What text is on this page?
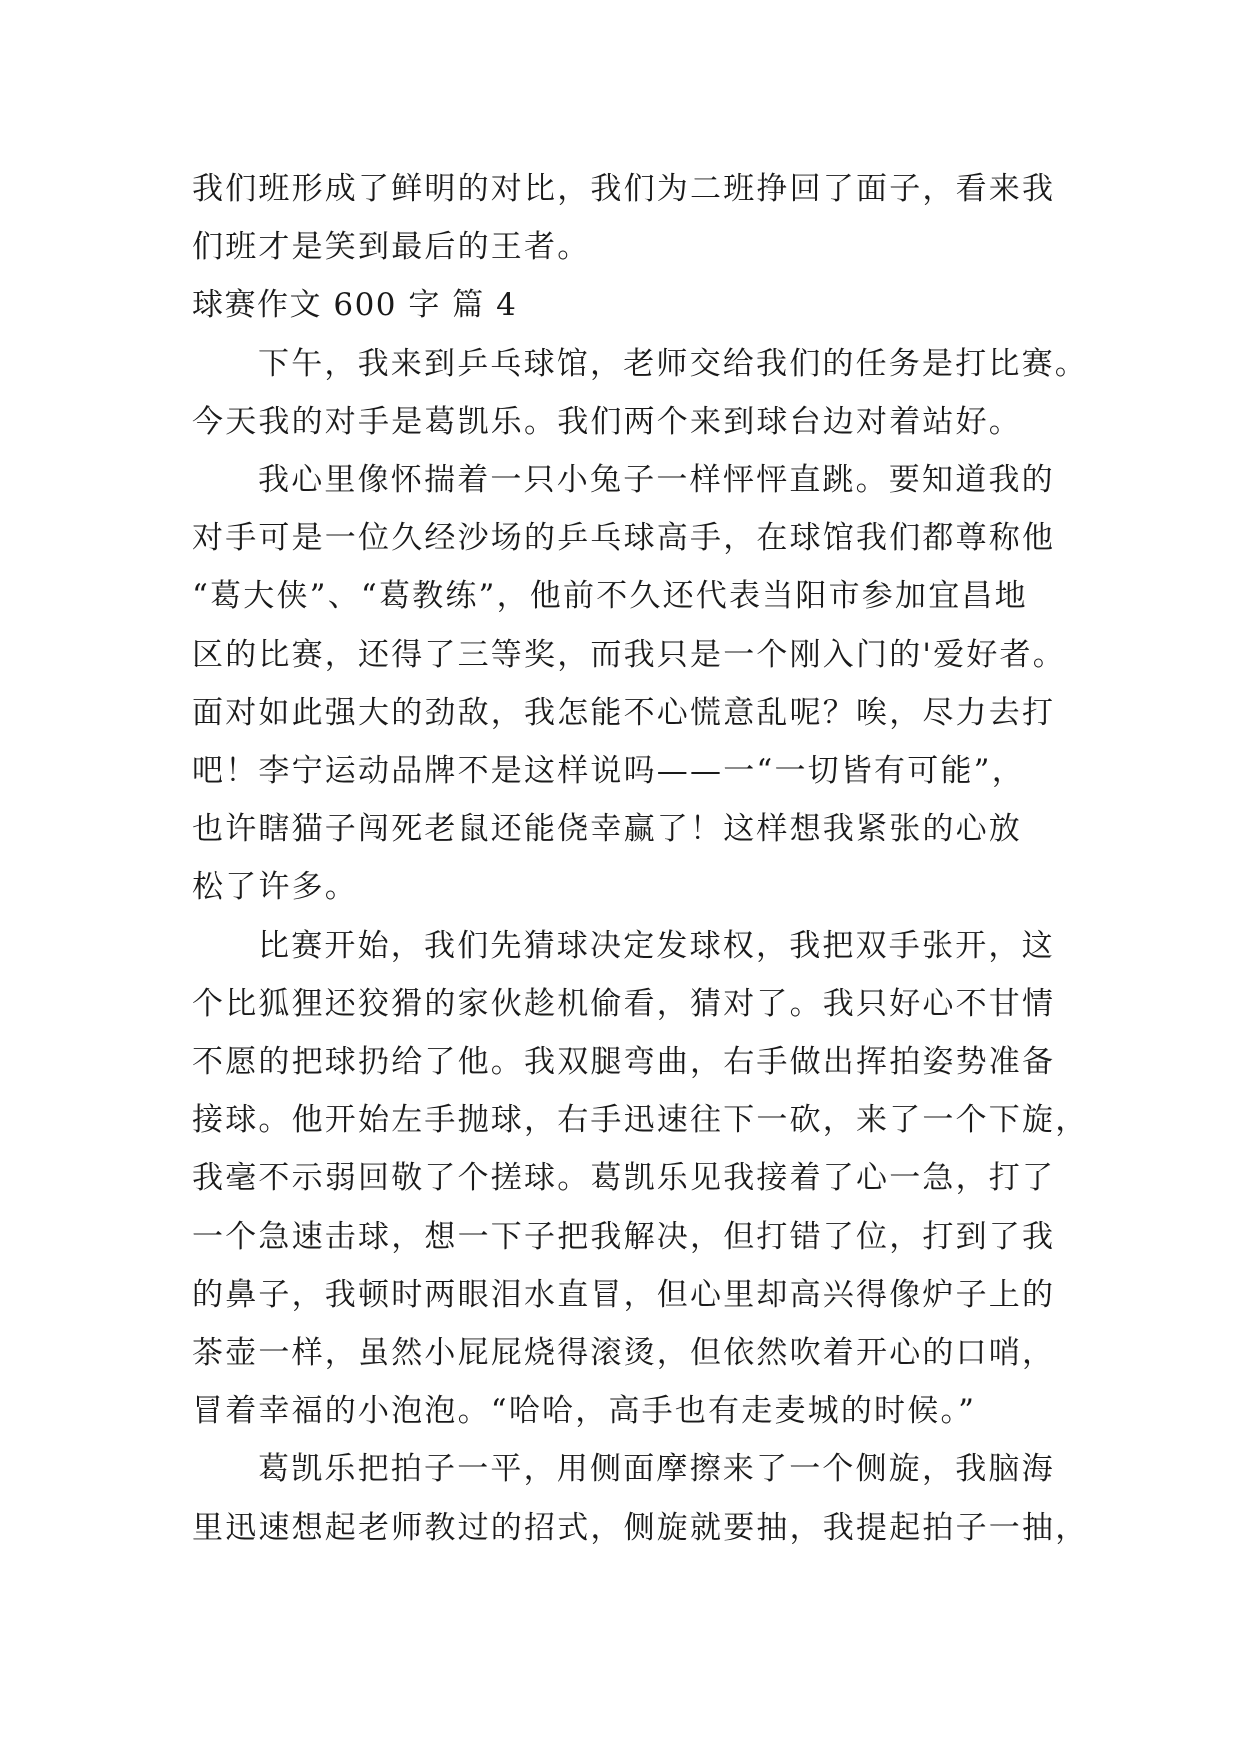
我们班形成了鲜明的对比，我们为二班挣回了面子，看来我
们班才是笑到最后的王者。

球赛作文 600 字 篇 4

下午，我来到乒乓球馆，老师交给我们的任务是打比赛。
今天我的对手是葛凯乐。我们两个来到球台边对着站好。

我心里像怀揣着一只小兔子一样怦怦直跳。要知道我的
对手可是一位久经沙场的乒乓球高手，在球馆我们都尊称他
“葛大侠”、“葛教练”，他前不久还代表当阳市参加宜昌地
区的比赛，还得了三等奖，而我只是一个刚入门的'爱好者。
面对如此强大的劲敌，我怎能不心慌意乱呢？唉，尽力去打
吧！李宁运动品牌不是这样说吗——一“一切皆有可能”，
也许瞎猫子闯死老鼠还能侥幸赢了！这样想我紧张的心放
松了许多。

比赛开始，我们先猜球决定发球权，我把双手张开，这
个比狐狸还狡猾的家伙趁机偷看，猜对了。我只好心不甘情
不愿的把球扔给了他。我双腿弯曲，右手做出挥拍姿势准备
接球。他开始左手抛球，右手迅速往下一砍，来了一个下旋，
我毫不示弱回敬了个搓球。葛凯乐见我接着了心一急，打了
一个急速击球，想一下子把我解决，但打错了位，打到了我
的鼻子，我顿时两眼泪水直冒，但心里却高兴得像炉子上的
茶壶一样，虽然小屁屁烧得滚烫，但依然吹着开心的口哨，
冒着幸福的小泡泡。“哈哈，高手也有走麦城的时候。”

葛凯乐把拍子一平，用侧面摩擦来了一个侧旋，我脑海
里迅速想起老师教过的招式，侧旋就要抽，我提起拍子一抽，
